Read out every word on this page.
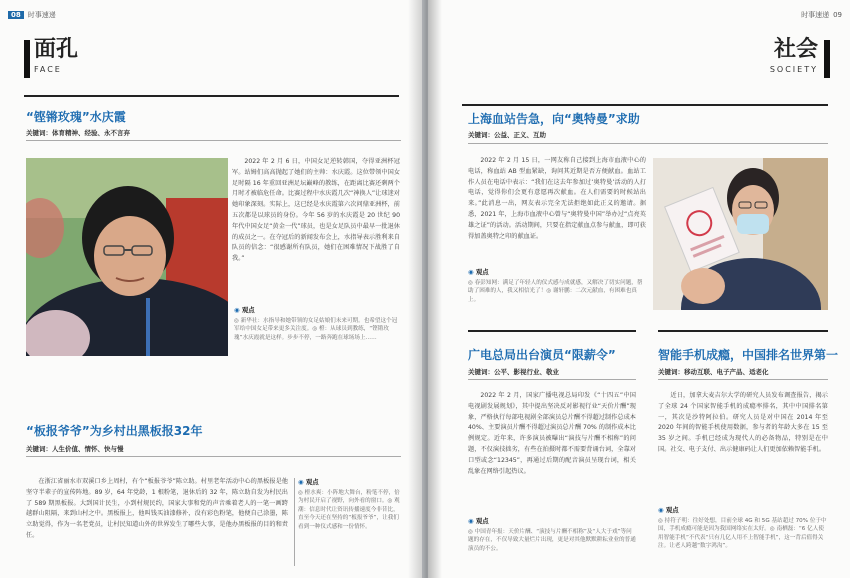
08	时事速递
面孔
FACE
“铿锵玫瑰”水庆霞
关键词：体育精神、经验、永不言弃
2022 年 2 月 6 日，中国女足逆转韩国，夺得亚洲杯冠军。站姆们高高抛起了她们的主帅：水庆霞。这位带领中国女足时隔 16 年重回亚洲足坛巅峰的教练，在距离比赛还剩两个月时才被临危任命。比赛过程中水庆霞几次“神换人”让球迷对她印象深刻。实际上，这已经是水庆霞第六次问鼎亚洲杯，前五次都是以球员的身份。今年 56 岁的水庆霞是 20 世纪 90 年代中国女足“黄金一代”球员，也是女足队员中最早一批退休的成员之一。在夺冠后的新闻发布会上，水指导表示胜利来自队员的信念：“很感谢所有队员，她们在困难情况下战胜了自我。”
◉ 观点
◎ 新华社：水指导和她带领的女足姑娘们未来可期。也希望这个冠军给中国女足带来更多关注度。◎ 橙：从球员到教练，“铿锵玫瑰”水庆霞就是这样。步步不停，一路奔跑在球场场上……
“板报爷爷”为乡村出黑板报32年
关键词：人生价值、情怀、快与慢
在浙江省丽水市双溪口乡上周村，有个“板报爷爷”陈立助。村里老年活动中心的黑板报是他坚守半辈子的宣传阵地。89 岁，64 年党龄，1 根粉笔，退休后的 32 年，陈立助自发为村民出了 589 期黑板报。大到国计民生，小到村规民约，国家大事和党的声音乘着老人的一笔一画跨越群山阻隔，来到山村之中。黑板报上，他叫钱买油漆修补，没有彩色粉笔，他便自己涂墨，陈立助觉得，作为一名老党员，让村民知道山外的世界发生了哪些大事，是他办黑板报的目的和责任。
◉ 观点
◎ 橙水爽：小阵地大舞台，粉笔不停，倍为村民开启了视野，向外看的窗口。◎ 观潮：信息时代让资讯传播速度今非昔比，直至今天还在坚持的“板报爷爷”，让我们看到一种仪式感和一份情怀。
时事速递 09
社会
SOCIETY
上海血站告急，向“奥特曼”求助
关键词：公益、正义、互助
2022 年 2 月 15 日，一网友称自己接到上海市血液中心的电话，称血站 AB 型血紧缺，询问其近期是否方便献血。血站工作人员在电话中表示：“我们在这去年参加过‘奥特曼’活动的人打电话，觉得你们会更有意愿再次献血。在人们需要的时候站出来。”此消息一出，网友表示完全无法拒绝如此正义的邀请。据悉，2021 年，上海市血液中心曾与“奥特曼中国”举办过“点亮英雄之证”的活动。活动期间，只要在指定献血点参与献血，即可获得加盖奥特之印的献血证。
◉ 观点
◎ 春彭知网：满足了年轻人的仪式感与成就感，又解决了切实问题，帮助了困难的人，我又相信光了！◎ 谢轩鹏：二次元献血，有困难也真上。
广电总局出台演员“限薪令”
关键词：公平、影视行业、敬业
2022 年 2 月，国家广播电视总局印发《“十四五”中国电视剧发展规划》，其中提出坚决反对影视行业“天价片酬”现象，严格执行每部电视剧全部演员总片酬不得超过制作总成本 40%、主要演员片酬不得超过演员总片酬 70% 的制作成本比例规定。近年来，许多演员被曝出“演技与片酬不相称”的问题，不仅演技拙劣，有些在拍摄时都不需要背诵台词，全靠对口型或念“12345”，再通过后期的配音演员呈现台词，相关乱象在网络引起热议。
◉ 观点
◎ 中国青年报：天价片酬、“演技与片酬不相称”及“人大于戏”等问题的存在，不仅导致大量烂片出现，更是对其他默默耕耘业业的普通演员的不公。
智能手机成瘾，中国排名世界第一
关键词：移动互联、电子产品、适老化
近日，加拿大麦吉尔大学的研究人员发布调查报告，揭示了全球 24 个国家智能手机的成瘾率排名，其中中国排名第一，其次是沙特阿拉伯。研究人员是对中国在 2014 年至 2020 年间的智能手机使用数据，参与者的年龄大多在 15 至 35 岁之间。手机已经成为现代人的必备物品，特别是在中国。社交、电子支付、出示健康码让人们更加依赖智能手机。
◉ 观点
◎ 持符子明：往好处想，目前全球 4G 和 5G 基站超过 70% 位于中国，手机成瘾可能是因为我国网络实在太好。◎ 南栖磊：“6 亿人使用智能手机”不代表“只有几亿人用不上智能手机”，这一背后值得关注。让老人跨越“数字鸿沟”。
